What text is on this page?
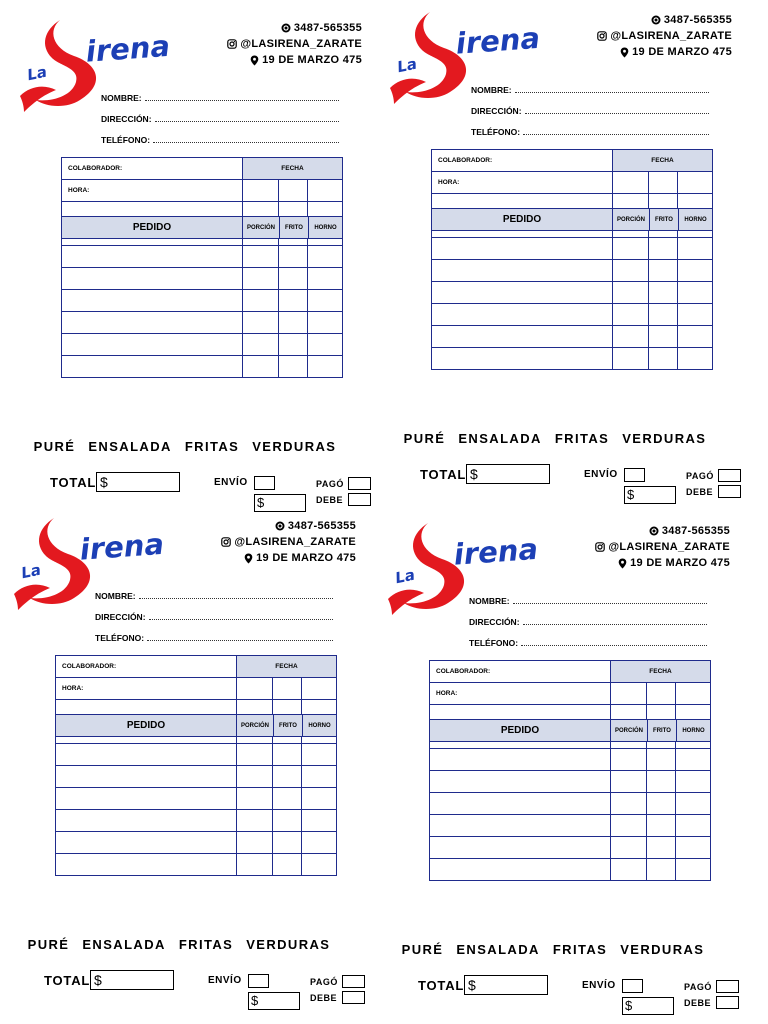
La
irena
3487-565355
@LASIRENA_ZARATE
19 DE MARZO 475
NOMBRE:
DIRECCIÓN:
TELÉFONO:
COLABORADOR:	FECHA		
HORA:			

PEDIDO	PORCIÓN	FRITO	HORNO
PURÉ ENSALADA FRITAS VERDURAS
TOTAL $	ENVÍO
$
PAGÓ
DEBE
La
irena
3487-565355
@LASIRENA_ZARATE
19 DE MARZO 475
NOMBRE:
DIRECCIÓN:
TELÉFONO:
COLABORADOR:	FECHA		
HORA:			

PEDIDO	PORCIÓN	FRITO	HORNO
PURÉ ENSALADA FRITAS VERDURAS
TOTAL $	ENVÍO
$
PAGÓ
DEBE
La
irena
3487-565355
@LASIRENA_ZARATE
19 DE MARZO 475
NOMBRE:
DIRECCIÓN:
TELÉFONO:
COLABORADOR:	FECHA		
HORA:			

PEDIDO	PORCIÓN	FRITO	HORNO
PURÉ ENSALADA FRITAS VERDURAS
TOTAL $	ENVÍO
$
PAGÓ
DEBE
La
irena
3487-565355
@LASIRENA_ZARATE
19 DE MARZO 475
NOMBRE:
DIRECCIÓN:
TELÉFONO:
COLABORADOR:	FECHA		
HORA:			

PEDIDO	PORCIÓN	FRITO	HORNO
PURÉ ENSALADA FRITAS VERDURAS
TOTAL $	ENVÍO
$
PAGÓ
DEBE
